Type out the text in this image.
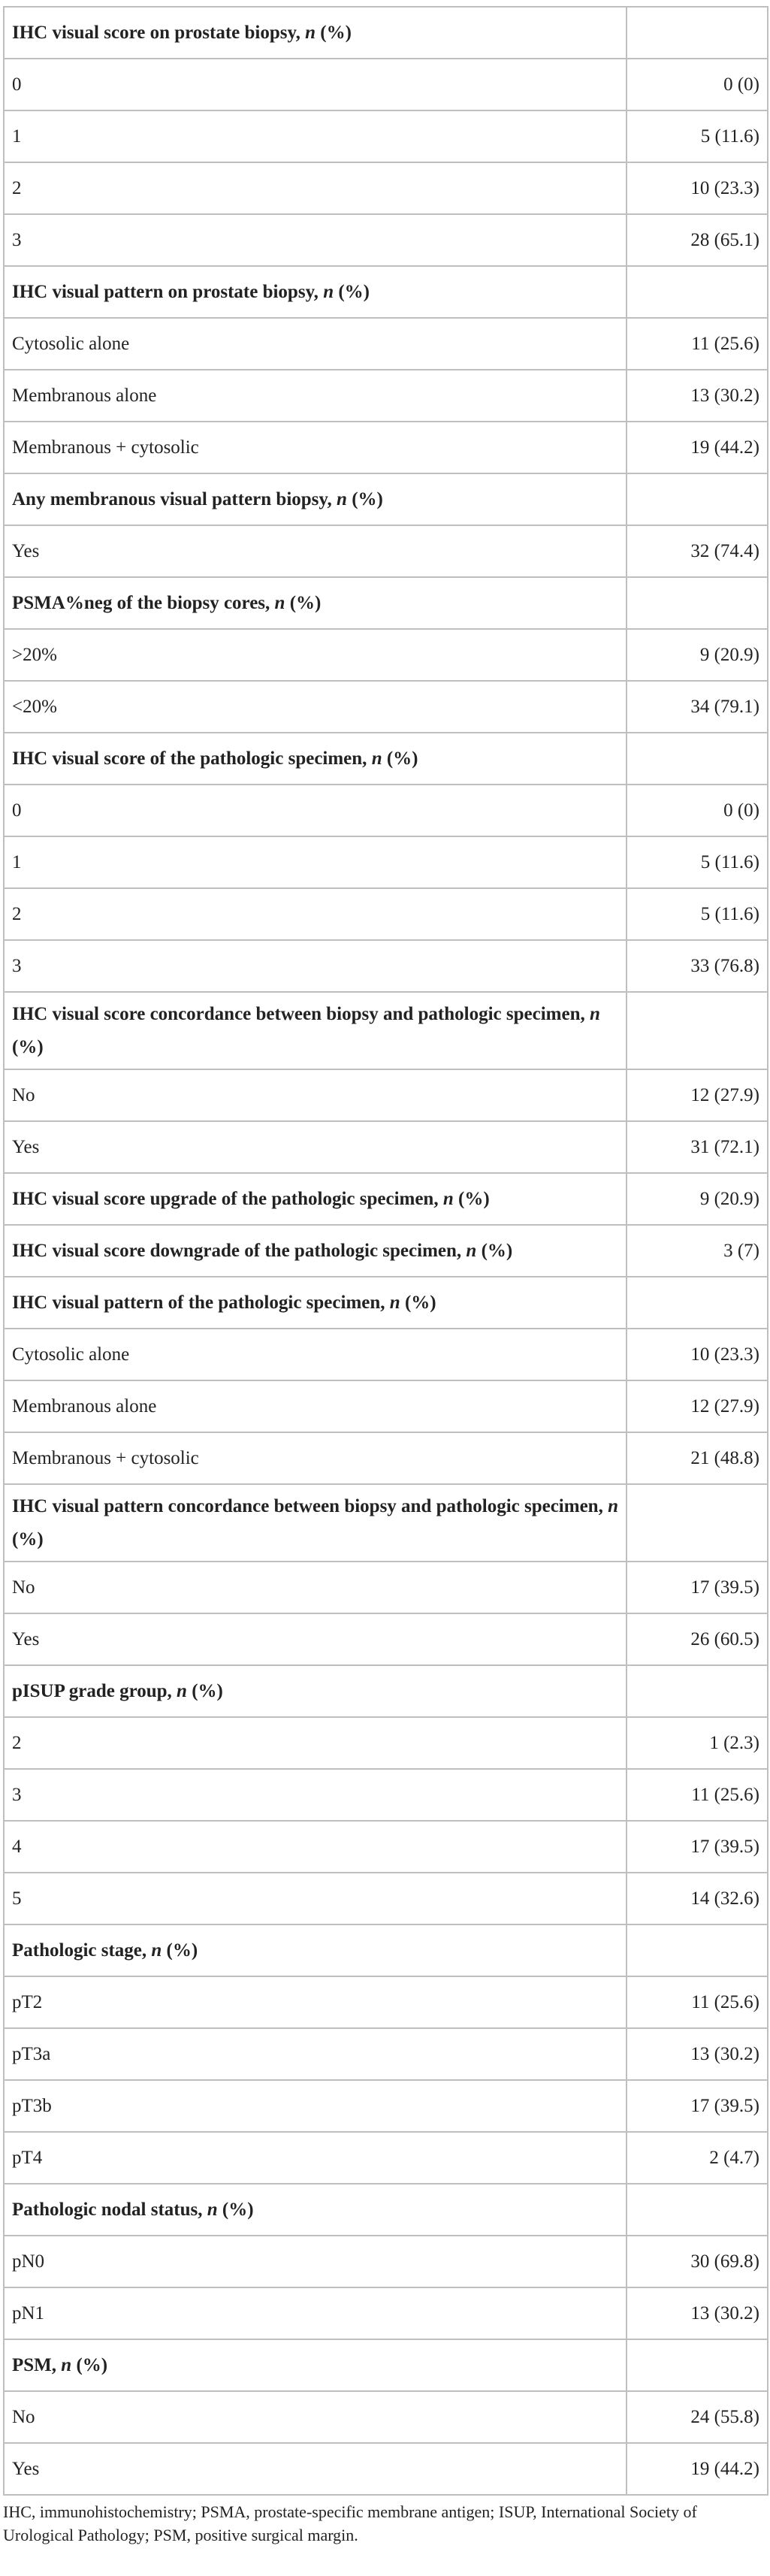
IHC visual score on prostate biopsy, n (%)	
0	0 (0)
1	5 (11.6)
2	10 (23.3)
3	28 (65.1)
IHC visual pattern on prostate biopsy, n (%)	
Cytosolic alone	11 (25.6)
Membranous alone	13 (30.2)
Membranous + cytosolic	19 (44.2)
Any membranous visual pattern biopsy, n (%)	
Yes	32 (74.4)
PSMA%neg of the biopsy cores, n (%)	
>20%	9 (20.9)
<20%	34 (79.1)
IHC visual score of the pathologic specimen, n (%)	
0	0 (0)
1	5 (11.6)
2	5 (11.6)
3	33 (76.8)
IHC visual score concordance between biopsy and pathologic specimen, n (%)	
No	12 (27.9)
Yes	31 (72.1)
IHC visual score upgrade of the pathologic specimen, n (%)	9 (20.9)
IHC visual score downgrade of the pathologic specimen, n (%)	3 (7)
IHC visual pattern of the pathologic specimen, n (%)	
Cytosolic alone	10 (23.3)
Membranous alone	12 (27.9)
Membranous + cytosolic	21 (48.8)
IHC visual pattern concordance between biopsy and pathologic specimen, n (%)	
No	17 (39.5)
Yes	26 (60.5)
pISUP grade group, n (%)	
2	1 (2.3)
3	11 (25.6)
4	17 (39.5)
5	14 (32.6)
Pathologic stage, n (%)	
pT2	11 (25.6)
pT3a	13 (30.2)
pT3b	17 (39.5)
pT4	2 (4.7)
Pathologic nodal status, n (%)	
pN0	30 (69.8)
pN1	13 (30.2)
PSM, n (%)	
No	24 (55.8)
Yes	19 (44.2)
IHC, immunohistochemistry; PSMA, prostate-specific membrane antigen; ISUP, International Society of Urological Pathology; PSM, positive surgical margin.
